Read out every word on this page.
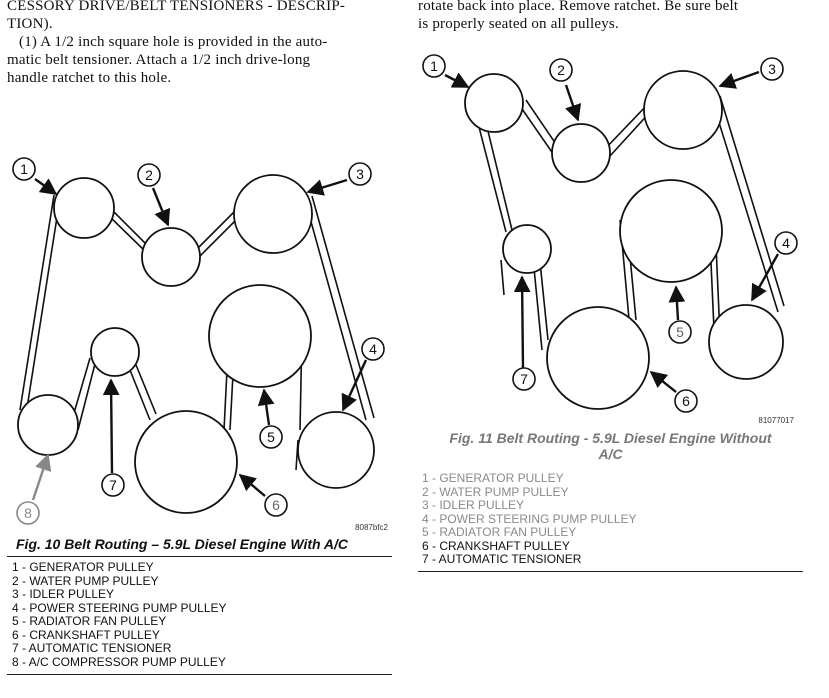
CESSORY DRIVE/BELT TENSIONERS - DESCRIP-
TION).
(1) A 1/2 inch square hole is provided in the auto-
matic belt tensioner. Attach a 1/2 inch drive-long
handle ratchet to this hole.
rotate back into place. Remove ratchet. Be sure belt
is properly seated on all pulleys.
1	2	3
4
5
6
7
8
8087bfc2
1	2	3
4
5
6
7
81077017
Fig. 10 Belt Routing – 5.9L Diesel Engine With A/C
1 - GENERATOR PULLEY
2 - WATER PUMP PULLEY
3 - IDLER PULLEY
4 - POWER STEERING PUMP PULLEY
5 - RADIATOR FAN PULLEY
6 - CRANKSHAFT PULLEY
7 - AUTOMATIC TENSIONER
8 - A/C COMPRESSOR PUMP PULLEY
Fig. 11 Belt Routing - 5.9L Diesel Engine Without
A/C
1 - GENERATOR PULLEY
2 - WATER PUMP PULLEY
3 - IDLER PULLEY
4 - POWER STEERING PUMP PULLEY
5 - RADIATOR FAN PULLEY
6 - CRANKSHAFT PULLEY
7 - AUTOMATIC TENSIONER
